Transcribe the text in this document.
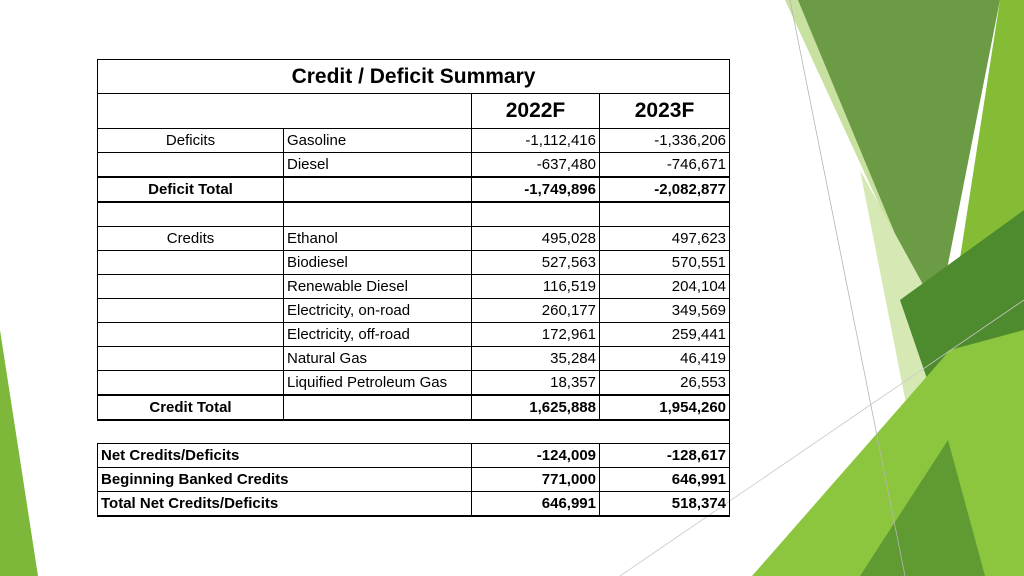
Credit / Deficit Summary			
		2022F	2023F
Deficits	Gasoline	-1,112,416	-1,336,206
	Diesel	-637,480	-746,671
Deficit Total		-1,749,896	-2,082,877

Credits	Ethanol	495,028	497,623
	Biodiesel	527,563	570,551
	Renewable Diesel	116,519	204,104
	Electricity, on-road	260,177	349,569
	Electricity, off-road	172,961	259,441
	Natural Gas	35,284	46,419
	Liquified Petroleum Gas	18,357	26,553
Credit Total		1,625,888	1,954,260

Net Credits/Deficits		-124,009	-128,617
Beginning Banked Credits		771,000	646,991
Total Net Credits/Deficits		646,991	518,374
